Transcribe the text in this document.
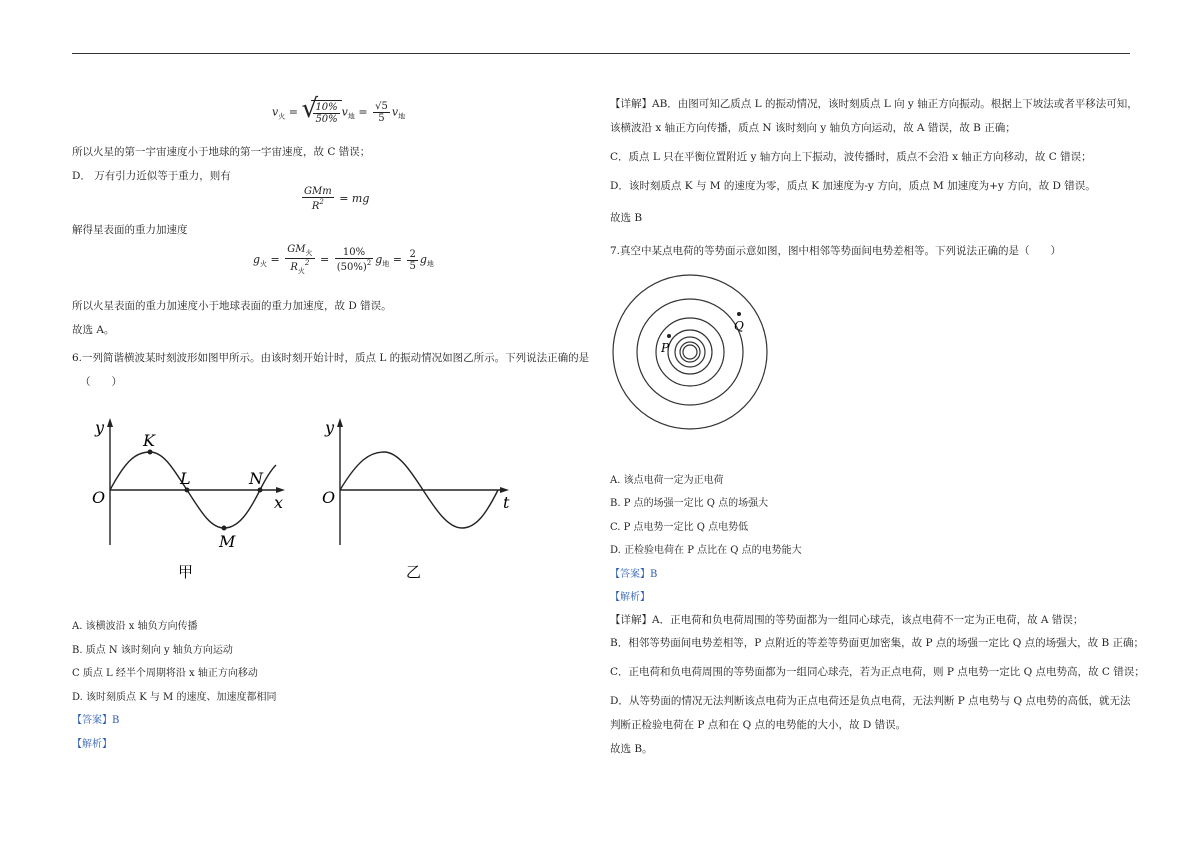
$v_火$ = √
$\frac{10\%}{50\%} v_地 = \frac{√5}{5} v_地$
所以火星的第一宇宙速度小于地球的第一宇宙速度，故 C 错误；
D． 万有引力近似等于重力，则有
$\frac{\text{GMm}}{R^2}$ = mg
解得星表面的重力加速度
$g_火 = \frac{GM_火}{R_火^2} = \frac{10\%}{(50\%)^2} g_地 = \frac{2}{5} g_地$
所以火星表面的重力加速度小于地球表面的重力加速度，故 D 错误。
故选 A。
6.一列简谐横波某时刻波形如图甲所示。由该时刻开始计时，质点 L 的振动情况如图乙所示。下列说法正确的是
（　　）
y
x
O
K
L	N
M
甲
y
t
O
乙
A. 该横波沿 x 轴负方向传播
B. 质点 N 该时刻向 y 轴负方向运动
C 质点 L 经半个周期将沿 x 轴正方向移动
D. 该时刻质点 K 与 M 的速度、加速度都相同
【答案】B
【解析】
【详解】AB．由图可知乙质点 L 的振动情况，该时刻质点 L 向 y 轴正方向振动。根据上下坡法或者平移法可知，
该横波沿 x 轴正方向传播，质点 N 该时刻向 y 轴负方向运动，故 A 错误，故 B 正确；
C．质点 L 只在平衡位置附近 y 轴方向上下振动，波传播时，质点不会沿 x 轴正方向移动，故 C 错误；
D．该时刻质点 K 与 M 的速度为零，质点 K 加速度为-y 方向，质点 M 加速度为+y 方向，故 D 错误。
故选 B
7.真空中某点电荷的等势面示意如图，图中相邻等势面间电势差相等。下列说法正确的是（　　）
P
Q
A. 该点电荷一定为正电荷
B. P 点的场强一定比 Q 点的场强大
C. P 点电势一定比 Q 点电势低
D. 正检验电荷在 P 点比在 Q 点的电势能大
【答案】B
【解析】
【详解】A．正电荷和负电荷周围的等势面都为一组同心球壳，该点电荷不一定为正电荷，故 A 错误；
B．相邻等势面间电势差相等，P 点附近的等差等势面更加密集，故 P 点的场强一定比 Q 点的场强大，故 B 正确；
C．正电荷和负电荷周围的等势面都为一组同心球壳，若为正点电荷，则 P 点电势一定比 Q 点电势高，故 C 错误；
D．从等势面的情况无法判断该点电荷为正点电荷还是负点电荷，无法判断 P 点电势与 Q 点电势的高低，就无法
判断正检验电荷在 P 点和在 Q 点的电势能的大小，故 D 错误。
故选 B。
